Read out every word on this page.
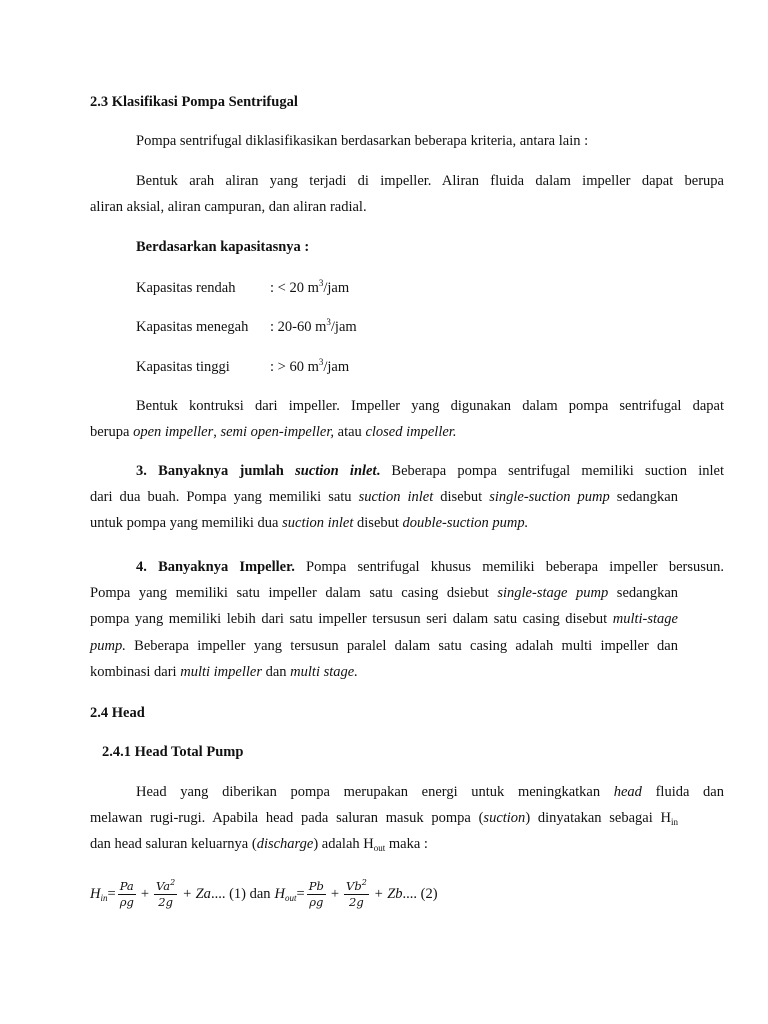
2.3 Klasifikasi Pompa Sentrifugal

Pompa sentrifugal diklasifikasikan berdasarkan beberapa kriteria, antara lain :

Bentuk arah aliran yang terjadi di impeller. Aliran fluida dalam impeller dapat berupa

aliran aksial, aliran campuran, dan aliran radial.

Berdasarkan kapasitasnya :

Kapasitas rendah : < 20 $m^3$/jam
Kapasitas menegah : 20-60 $m^3$/jam
Kapasitas tinggi	: > 60 $m^3$/jam

Bentuk kontruksi dari impeller. Impeller yang digunakan dalam pompa sentrifugal dapat

berupa open impeller, semi open-impeller, atau closed impeller.

3. Banyaknya jumlah suction inlet. Beberapa pompa sentrifugal memiliki suction inlet

dari dua buah. Pompa yang memiliki satu suction inlet disebut single-suction pump sedangkan

untuk pompa yang memiliki dua suction inlet disebut double-suction pump.

4. Banyaknya Impeller. Pompa sentrifugal khusus memiliki beberapa impeller bersusun.

Pompa yang memiliki satu impeller dalam satu casing dsiebut single-stage pump sedangkan

pompa yang memiliki lebih dari satu impeller tersusun seri dalam satu casing disebut multi-stage

pump. Beberapa impeller yang tersusun paralel dalam satu casing adalah multi impeller dan

kombinasi dari multi impeller dan multi stage.

2.4 Head

2.4.1 Head Total Pump

Head yang diberikan pompa merupakan energi untuk meningkatkan head fluida dan

melawan rugi-rugi. Apabila head pada saluran masuk pompa (suction) dinyatakan sebagai $H_{in}$

dan head saluran keluarnya (discharge) adalah $H_{out}$ maka :

$H_{in} = \frac{Pa}{\rho g} + \frac{Va^2}{2g} + Za$ .... (1) dan $H_{out} = \frac{Pb}{\rho g} + \frac{Vb^2}{2g} + Zb$ .... (2)
